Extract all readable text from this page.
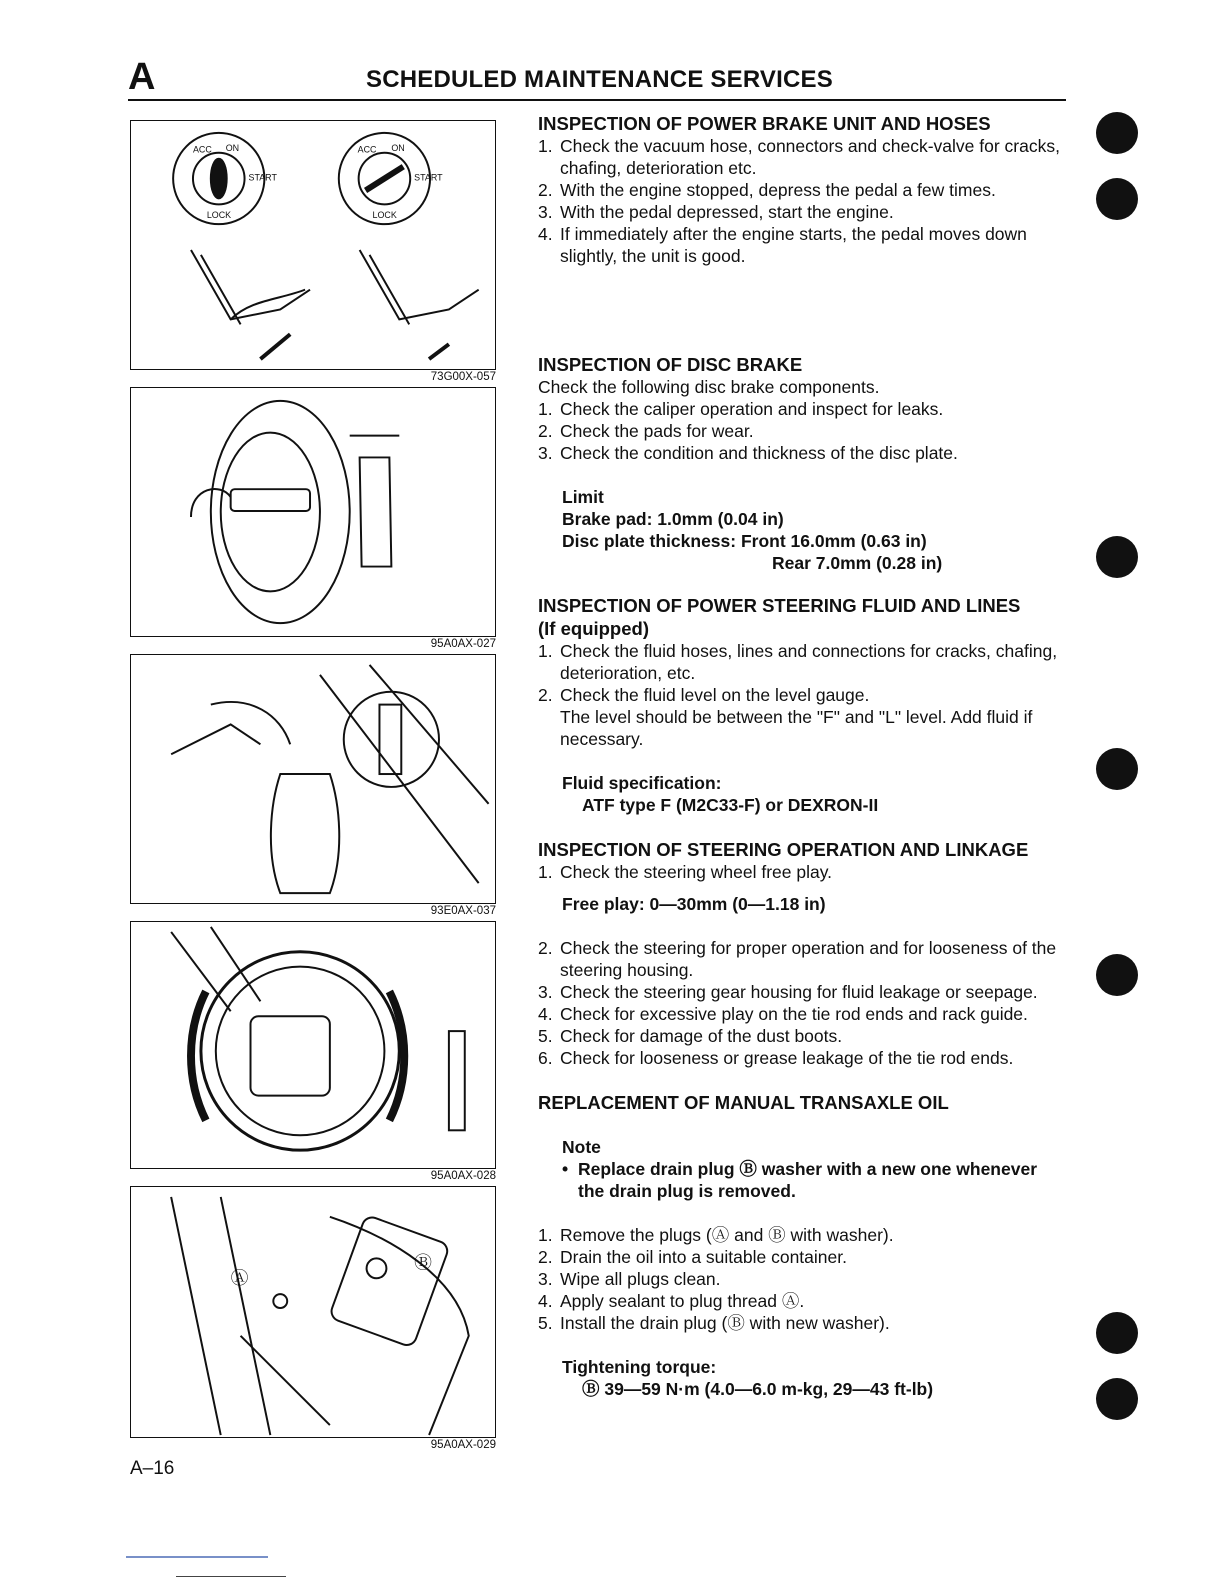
A	SCHEDULED MAINTENANCE SERVICES
ACC ON
START
LOCK
ACC ON
START
LOCK
73G00X-057
95A0AX-027
93E0AX-037
95A0AX-028
Ⓐ
Ⓑ
95A0AX-029

INSPECTION OF POWER BRAKE UNIT AND HOSES

1. Check the vacuum hose, connectors and check-valve for cracks, chafing, deterioration etc.
2. With the engine stopped, depress the pedal a few times.
3. With the pedal depressed, start the engine.
4. If immediately after the engine starts, the pedal moves down slightly, the unit is good.

INSPECTION OF DISC BRAKE

Check the following disc brake components.

1. Check the caliper operation and inspect for leaks.
2. Check the pads for wear.
3. Check the condition and thickness of the disc plate.
Limit
Brake pad: 1.0mm (0.04 in)
Disc plate thickness: Front 16.0mm (0.63 in)
Rear 7.0mm (0.28 in)

INSPECTION OF POWER STEERING FLUID AND LINES

(If equipped)

1. Check the fluid hoses, lines and connections for cracks, chafing, deterioration, etc.
2. Check the fluid level on the level gauge.

The level should be between the "F" and "L" level. Add fluid if necessary.

Fluid specification:
ATF type F (M2C33-F) or DEXRON-II

INSPECTION OF STEERING OPERATION AND LINKAGE

1. Check the steering wheel free play.
Free play: 0—30mm (0—1.18 in)
2. Check the steering for proper operation and for looseness of the steering housing.
3. Check the steering gear housing for fluid leakage or seepage.
4. Check for excessive play on the tie rod ends and rack guide.
5. Check for damage of the dust boots.
6. Check for looseness or grease leakage of the tie rod ends.

REPLACEMENT OF MANUAL TRANSAXLE OIL

Note
• Replace drain plug Ⓑ washer with a new one whenever the drain plug is removed.
1. Remove the plugs (Ⓐ and Ⓑ with washer).
2. Drain the oil into a suitable container.
3. Wipe all plugs clean.
4. Apply sealant to plug thread Ⓐ.
5. Install the drain plug (Ⓑ with new washer).
Tightening torque:
Ⓑ 39—59 N·m (4.0—6.0 m-kg, 29—43 ft-lb)
A–16
